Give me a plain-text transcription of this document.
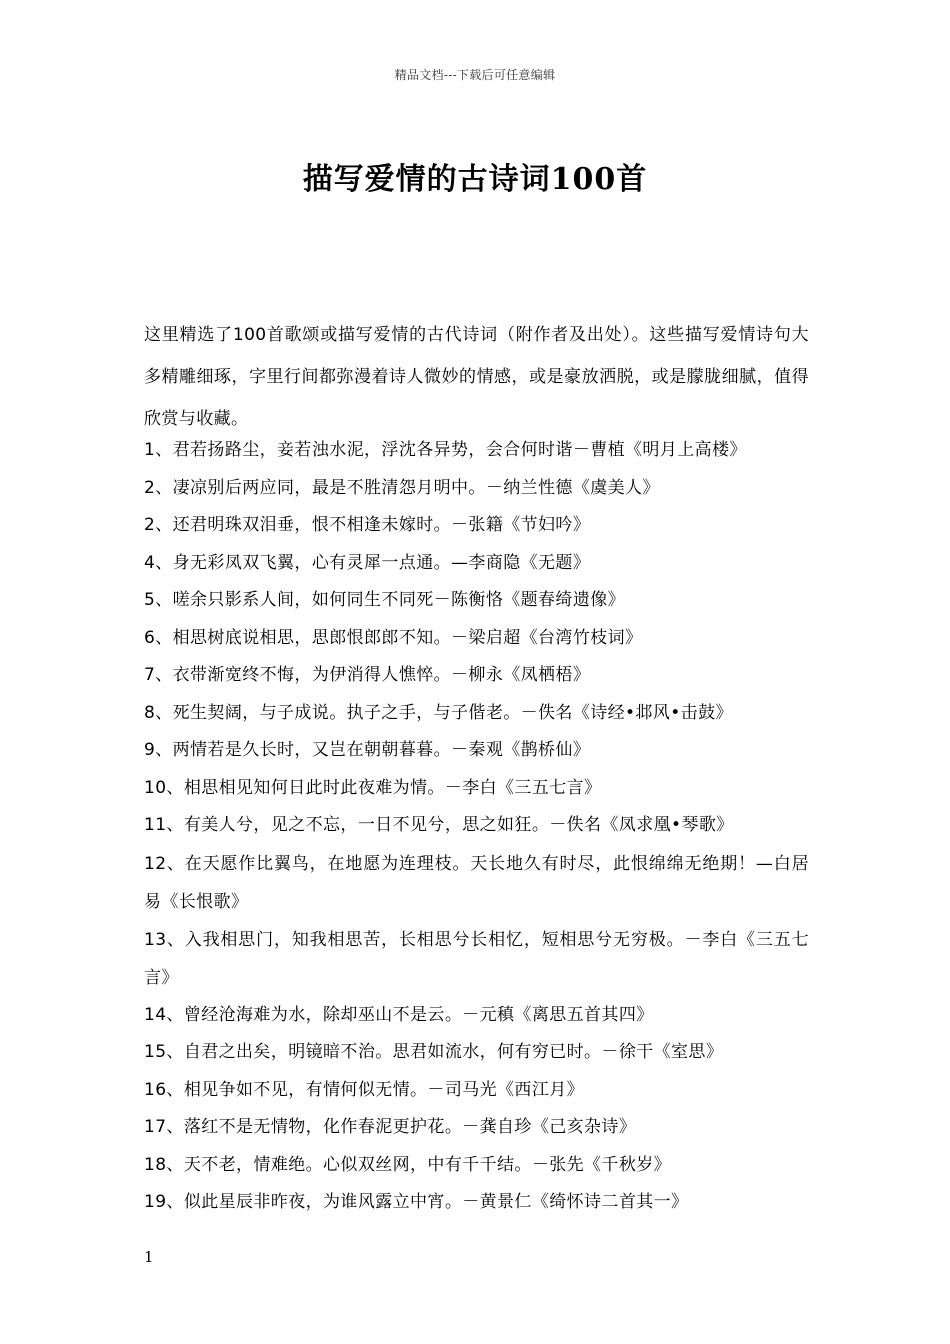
精品文档---下载后可任意编辑
描写爱情的古诗词100首

这里精选了100首歌颂或描写爱情的古代诗词（附作者及出处）。这些描写爱情诗句大多精雕细琢，字里行间都弥漫着诗人微妙的情感，或是豪放洒脱，或是朦胧细腻，值得欣赏与收藏。

1、君若扬路尘，妾若浊水泥，浮沈各异势，会合何时谐－曹植《明月上高楼》
2、凄凉别后两应同，最是不胜清怨月明中。－纳兰性德《虞美人》
2、还君明珠双泪垂，恨不相逢未嫁时。－张籍《节妇吟》
4、身无彩凤双飞翼，心有灵犀一点通。—李商隐《无题》
5、嗟余只影系人间，如何同生不同死－陈衡恪《题春绮遗像》
6、相思树底说相思，思郎恨郎郎不知。－梁启超《台湾竹枝词》
7、衣带渐宽终不悔，为伊消得人憔悴。－柳永《凤栖梧》
8、死生契阔，与子成说。执子之手，与子偕老。－佚名《诗经•邶风•击鼓》
9、两情若是久长时，又岂在朝朝暮暮。－秦观《鹊桥仙》
10、相思相见知何日此时此夜难为情。－李白《三五七言》
11、有美人兮，见之不忘，一日不见兮，思之如狂。－佚名《凤求凰•琴歌》
12、在天愿作比翼鸟，在地愿为连理枝。天长地久有时尽，此恨绵绵无绝期！—白居易《长恨歌》
13、入我相思门，知我相思苦，长相思兮长相忆，短相思兮无穷极。－李白《三五七言》
14、曾经沧海难为水，除却巫山不是云。－元稹《离思五首其四》
15、自君之出矣，明镜暗不治。思君如流水，何有穷已时。－徐干《室思》
16、相见争如不见，有情何似无情。－司马光《西江月》
17、落红不是无情物，化作春泥更护花。－龚自珍《己亥杂诗》
18、天不老，情难绝。心似双丝网，中有千千结。－张先《千秋岁》
19、似此星辰非昨夜，为谁风露立中宵。－黄景仁《绮怀诗二首其一》
1
